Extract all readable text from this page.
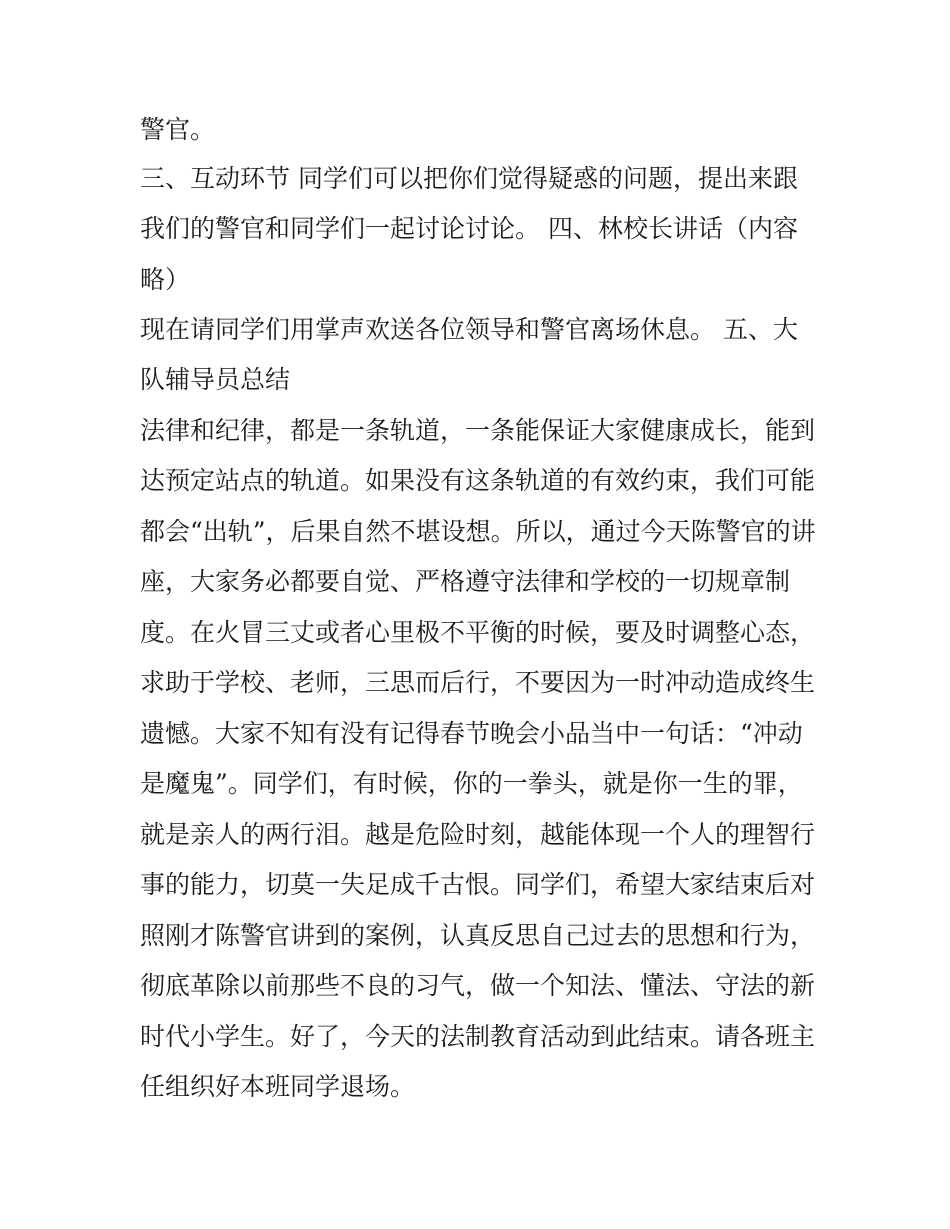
警官。
三、互动环节 同学们可以把你们觉得疑惑的问题，提出来跟
我们的警官和同学们一起讨论讨论。 四、林校长讲话（内容
略）
现在请同学们用掌声欢送各位领导和警官离场休息。 五、大
队辅导员总结
法律和纪律，都是一条轨道，一条能保证大家健康成长，能到
达预定站点的轨道。如果没有这条轨道的有效约束，我们可能
都会“出轨”，后果自然不堪设想。所以，通过今天陈警官的讲
座，大家务必都要自觉、严格遵守法律和学校的一切规章制
度。在火冒三丈或者心里极不平衡的时候，要及时调整心态，
求助于学校、老师，三思而后行，不要因为一时冲动造成终生
遗憾。大家不知有没有记得春节晚会小品当中一句话：“冲动
是魔鬼”。同学们，有时候，你的一拳头，就是你一生的罪，
就是亲人的两行泪。越是危险时刻，越能体现一个人的理智行
事的能力，切莫一失足成千古恨。同学们，希望大家结束后对
照刚才陈警官讲到的案例，认真反思自己过去的思想和行为，
彻底革除以前那些不良的习气，做一个知法、懂法、守法的新
时代小学生。好了，今天的法制教育活动到此结束。请各班主
任组织好本班同学退场。
